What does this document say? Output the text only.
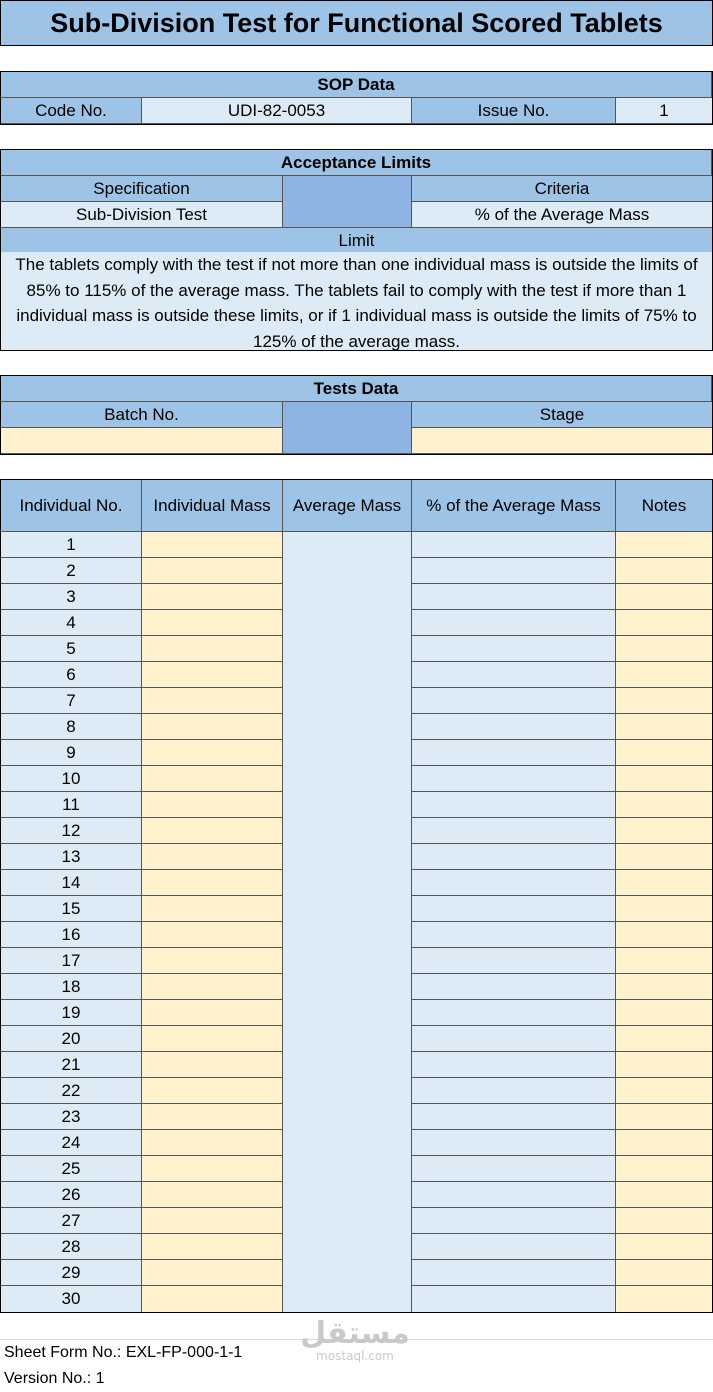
Sub-Division Test for Functional Scored Tablets
SOP Data
Code No.	UDI-82-0053	Issue No.	1
Acceptance Limits
Specification	Criteria
Sub-Division Test	% of the Average Mass
Limit
The tablets comply with the test if not more than one individual mass is outside the limits of 85% to 115% of the average mass. The tablets fail to comply with the test if more than 1 individual mass is outside these limits, or if 1 individual mass is outside the limits of 75% to 125% of the average mass.
Tests Data
Batch No.	Stage
Individual No.	Individual Mass	Average Mass	% of the Average Mass	Notes
1
2
3
4
5
6
7
8
9
10
11
12
13
14
15
16
17
18
19
20
21
22
23
24
25
26
27
28
29
30
مستقل
mostaql.com
Sheet Form No.: EXL-FP-000-1-1
Version No.: 1
